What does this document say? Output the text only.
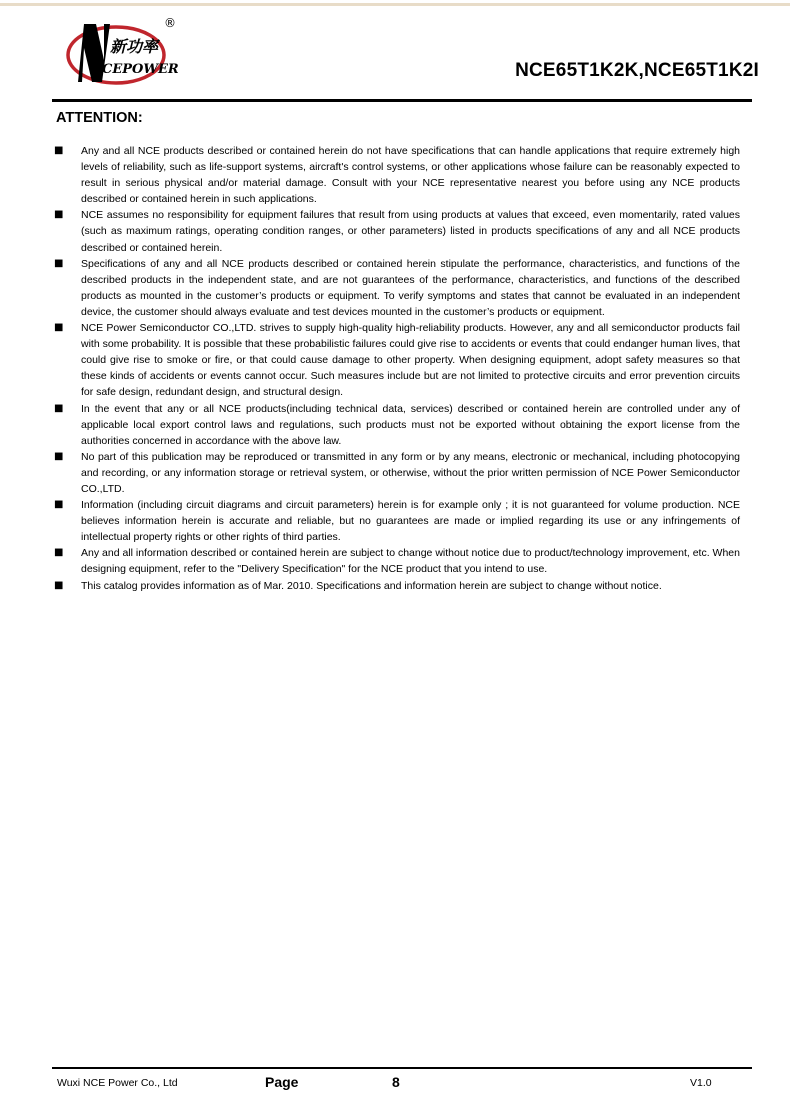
®
新功率
CEPOWER	NCE65T1K2K,NCE65T1K2I
ATTENTION:
■ Any and all NCE products described or contained herein do not have specifications that can handle applications that require extremely high levels of reliability, such as life-support systems, aircraft's control systems, or other applications whose failure can be reasonably expected to result in serious physical and/or material damage. Consult with your NCE representative nearest you before using any NCE products described or contained herein in such applications.
■ NCE assumes no responsibility for equipment failures that result from using products at values that exceed, even momentarily, rated values (such as maximum ratings, operating condition ranges, or other parameters) listed in products specifications of any and all NCE products described or contained herein.
■ Specifications of any and all NCE products described or contained herein stipulate the performance, characteristics, and functions of the described products in the independent state, and are not guarantees of the performance, characteristics, and functions of the described products as mounted in the customer’s products or equipment. To verify symptoms and states that cannot be evaluated in an independent device, the customer should always evaluate and test devices mounted in the customer’s products or equipment.
■ NCE Power Semiconductor CO.,LTD. strives to supply high-quality high-reliability products. However, any and all semiconductor products fail with some probability. It is possible that these probabilistic failures could give rise to accidents or events that could endanger human lives, that could give rise to smoke or fire, or that could cause damage to other property. When designing equipment, adopt safety measures so that these kinds of accidents or events cannot occur. Such measures include but are not limited to protective circuits and error prevention circuits for safe design, redundant design, and structural design.
■ In the event that any or all NCE products(including technical data, services) described or contained herein are controlled under any of applicable local export control laws and regulations, such products must not be exported without obtaining the export license from the authorities concerned in accordance with the above law.
■ No part of this publication may be reproduced or transmitted in any form or by any means, electronic or mechanical, including photocopying and recording, or any information storage or retrieval system, or otherwise, without the prior written permission of NCE Power Semiconductor CO.,LTD.
■ Information (including circuit diagrams and circuit parameters) herein is for example only ; it is not guaranteed for volume production. NCE believes information herein is accurate and reliable, but no guarantees are made or implied regarding its use or any infringements of intellectual property rights or other rights of third parties.
■ Any and all information described or contained herein are subject to change without notice due to product/technology improvement, etc. When designing equipment, refer to the "Delivery Specification" for the NCE product that you intend to use.
■ This catalog provides information as of Mar. 2010. Specifications and information herein are subject to change without notice.
Wuxi NCE Power Co., Ltd	Page	8	V1.0
